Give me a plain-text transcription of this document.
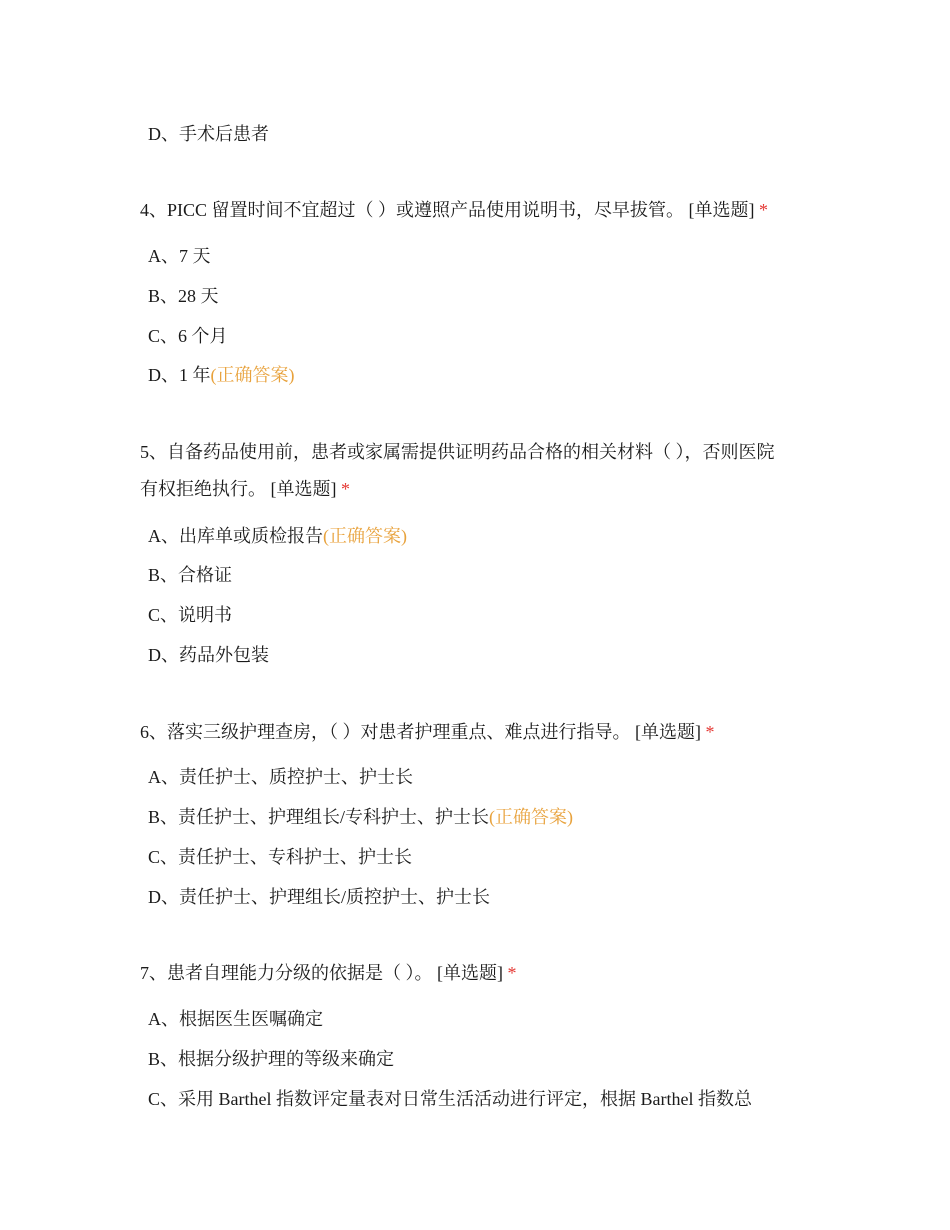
D、手术后患者
4、PICC 留置时间不宜超过（ ）或遵照产品使用说明书，尽早拔管。 [单选题] *
A、7 天
B、28 天
C、6 个月
D、1 年(正确答案)
5、自备药品使用前，患者或家属需提供证明药品合格的相关材料（ ），否则医院
有权拒绝执行。 [单选题] *
A、出库单或质检报告(正确答案)
B、合格证
C、说明书
D、药品外包装
6、落实三级护理查房，（ ）对患者护理重点、难点进行指导。 [单选题] *
A、责任护士、质控护士、护士长
B、责任护士、护理组长/专科护士、护士长(正确答案)
C、责任护士、专科护士、护士长
D、责任护士、护理组长/质控护士、护士长
7、患者自理能力分级的依据是（ ）。 [单选题] *
A、根据医生医嘱确定
B、根据分级护理的等级来确定
C、采用 Barthel 指数评定量表对日常生活活动进行评定，根据 Barthel 指数总
